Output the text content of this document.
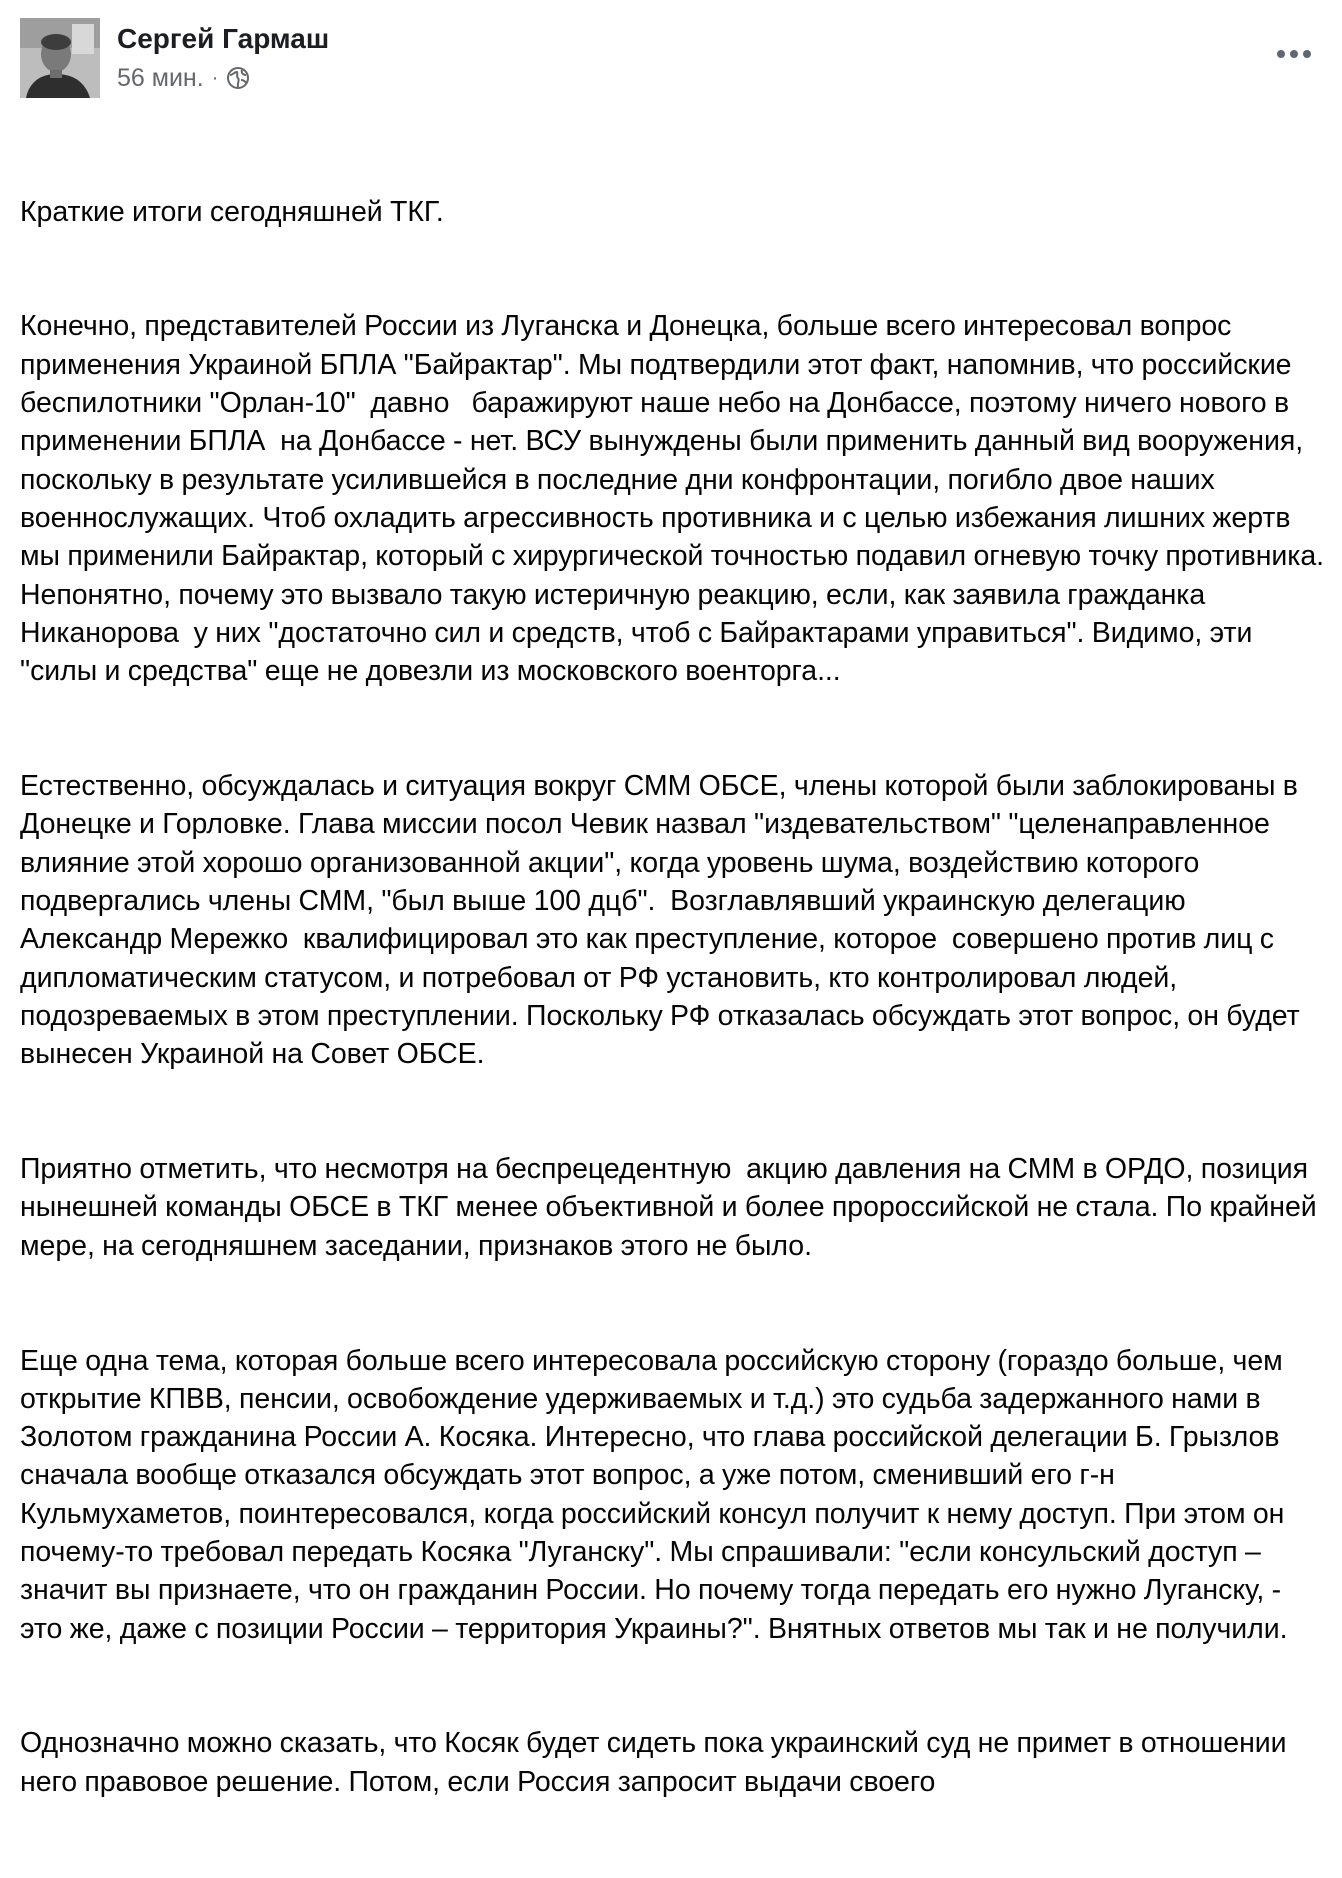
Сергей Гармаш
56 мин. ·

Краткие итоги сегодняшней ТКГ.

Конечно, представителей России из Луганска и Донецка, больше всего интересовал вопрос применения Украиной БПЛА "Байрактар". Мы подтвердили этот факт, напомнив, что российские беспилотники "Орлан-10"  давно   баражируют наше небо на Донбассе, поэтому ничего нового в применении БПЛА  на Донбассе - нет. ВСУ вынуждены были применить данный вид вооружения, поскольку в результате усилившейся в последние дни конфронтации, погибло двое наших военнослужащих. Чтоб охладить агрессивность противника и с целью избежания лишних жертв мы применили Байрактар, который с хирургической точностью подавил огневую точку противника. Непонятно, почему это вызвало такую истеричную реакцию, если, как заявила гражданка Никанорова  у них "достаточно сил и средств, чтоб с Байрактарами управиться". Видимо, эти "силы и средства" еще не довезли из московского военторга...

Естественно, обсуждалась и ситуация вокруг СММ ОБСЕ, члены которой были заблокированы в Донецке и Горловке. Глава миссии посол Чевик назвал "издевательством" "целенаправленное влияние этой хорошо организованной акции", когда уровень шума, воздействию которого подвергались члены СММ, "был выше 100 дцб".  Возглавлявший украинскую делегацию Александр Мережко  квалифицировал это как преступление, которое  совершено против лиц с дипломатическим статусом, и потребовал от РФ установить, кто контролировал людей, подозреваемых в этом преступлении. Поскольку РФ отказалась обсуждать этот вопрос, он будет вынесен Украиной на Совет ОБСЕ.

Приятно отметить, что несмотря на беспрецедентную  акцию давления на СММ в ОРДО, позиция нынешней команды ОБСЕ в ТКГ менее объективной и более пророссийской не стала. По крайней мере, на сегодняшнем заседании, признаков этого не было.

Еще одна тема, которая больше всего интересовала российскую сторону (гораздо больше, чем открытие КПВВ, пенсии, освобождение удерживаемых и т.д.) это судьба задержанного нами в Золотом гражданина России А. Косяка. Интересно, что глава российской делегации Б. Грызлов сначала вообще отказался обсуждать этот вопрос, а уже потом, сменивший его г-н Кульмухаметов, поинтересовался, когда российский консул получит к нему доступ. При этом он почему-то требовал передать Косяка "Луганску". Мы спрашивали: "если консульский доступ – значит вы признаете, что он гражданин России. Но почему тогда передать его нужно Луганску, - это же, даже с позиции России – территория Украины?". Внятных ответов мы так и не получили.

Однозначно можно сказать, что Косяк будет сидеть пока украинский суд не примет в отношении него правовое решение. Потом, если Россия запросит выдачи своего
